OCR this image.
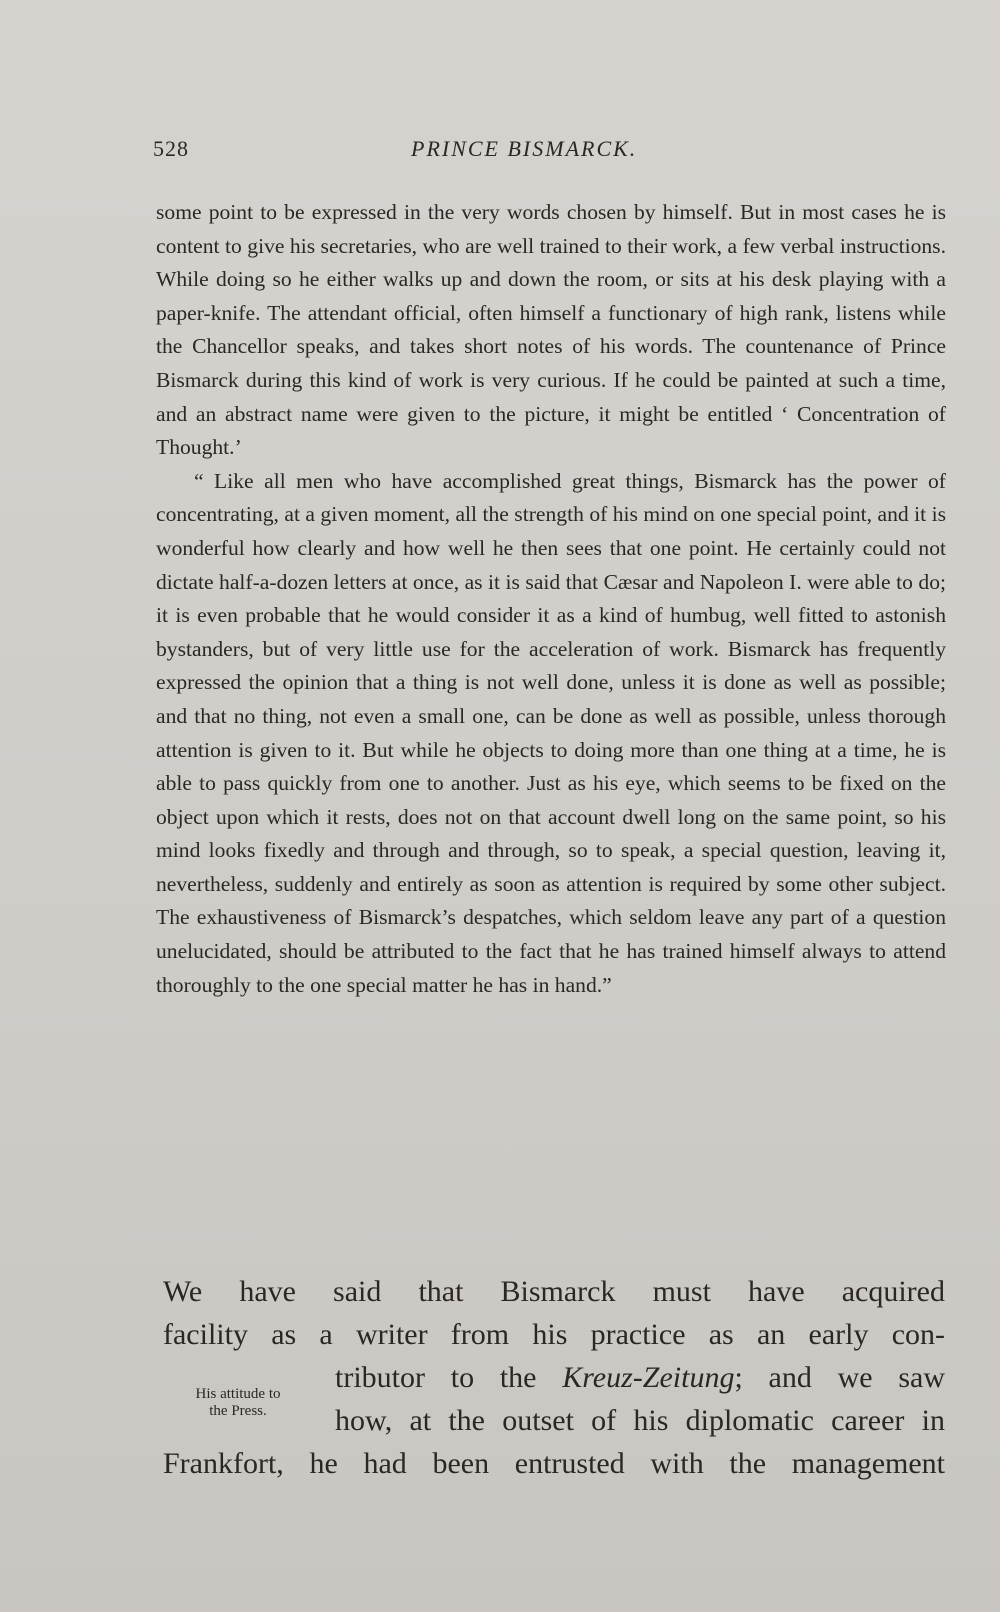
528	PRINCE BISMARCK.

some point to be expressed in the very words chosen by himself. But in most cases he is content to give his secretaries, who are well trained to their work, a few verbal instructions. While doing so he either walks up and down the room, or sits at his desk playing with a paper-knife. The attendant official, often himself a functionary of high rank, listens while the Chancellor speaks, and takes short notes of his words. The countenance of Prince Bismarck during this kind of work is very curious. If he could be painted at such a time, and an abstract name were given to the picture, it might be entitled ‘ Concentration of Thought.’

“ Like all men who have accomplished great things, Bismarck has the power of concentrating, at a given moment, all the strength of his mind on one special point, and it is wonderful how clearly and how well he then sees that one point. He certainly could not dictate half-a-dozen letters at once, as it is said that Cæsar and Napoleon I. were able to do; it is even probable that he would consider it as a kind of humbug, well fitted to astonish bystanders, but of very little use for the acceleration of work. Bismarck has frequently expressed the opinion that a thing is not well done, unless it is done as well as possible; and that no thing, not even a small one, can be done as well as possible, unless thorough attention is given to it. But while he objects to doing more than one thing at a time, he is able to pass quickly from one to another. Just as his eye, which seems to be fixed on the object upon which it rests, does not on that account dwell long on the same point, so his mind looks fixedly and through and through, so to speak, a special question, leaving it, nevertheless, suddenly and entirely as soon as attention is required by some other subject. The exhaustiveness of Bismarck’s despatches, which seldom leave any part of a question unelucidated, should be attributed to the fact that he has trained himself always to attend thoroughly to the one special matter he has in hand.”

We have said that Bismarck must have acquired
facility as a writer from his practice as an early con-
tributor to the Kreuz-Zeitung; and we saw
how, at the outset of his diplomatic career in
Frankfort, he had been entrusted with the management
His attitude to
the Press.
